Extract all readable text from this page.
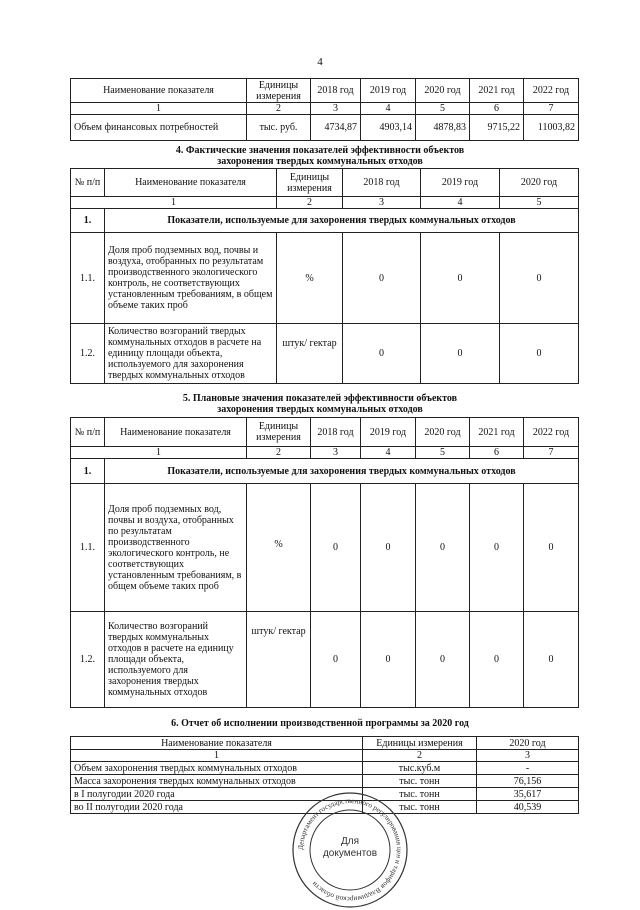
4
Наименование показателя	Единицы измерения	2018 год	2019 год	2020 год	2021 год	2022 год
1	2	3	4	5	6	7
Объем финансовых потребностей	тыс. руб.	4734,87	4903,14	4878,83	9715,22	11003,82
4. Фактические значения показателей эффективности объектов захоронения твердых коммунальных отходов
№ п/п	Наименование показателя	Единицы измерения	2018 год	2019 год	2020 год
1		2	3	4	5
1.	Показатели, используемые для захоронения твердых коммунальных отходов				
1.1.	Доля проб подземных вод, почвы и воздуха, отобранных по результатам производственного экологического контроль, не соответствующих установленным требованиям, в общем объеме таких проб	%	0	0	0
1.2.	Количество возгораний твердых коммунальных отходов в расчете на единицу площади объекта, используемого для захоронения твердых коммунальных отходов	штук/ гектар	0	0	0
5. Плановые значения показателей эффективности объектов захоронения твердых коммунальных отходов
№ п/п	Наименование показателя	Единицы измерения	2018 год	2019 год	2020 год	2021 год	2022 год
1		2	3	4	5	6	7
1.	Показатели, используемые для захоронения твердых коммунальных отходов						
1.1.	Доля проб подземных вод, почвы и воздуха, отобранных по результатам производственного экологического контроль, не соответствующих установленным требованиям, в общем объеме таких проб	%	0	0	0	0	0
1.2.	Количество возгораний твердых коммунальных отходов в расчете на единицу площади объекта, используемого для захоронения твердых коммунальных отходов	штук/ гектар	0	0	0	0	0
6. Отчет об исполнении производственной программы за 2020 год
Наименование показателя	Единицы измерения	2020 год
1	2	3
Объем захоронения твердых коммунальных отходов	тыс.куб.м	-
Масса захоронения твердых коммунальных отходов	тыс. тонн	76,156
в I полугодии 2020 года	тыс. тонн	35,617
во II полугодии 2020 года	тыс. тонн	40,539
Департамент государственного регулирования цен и тарифов Владимирской области
Для документов
